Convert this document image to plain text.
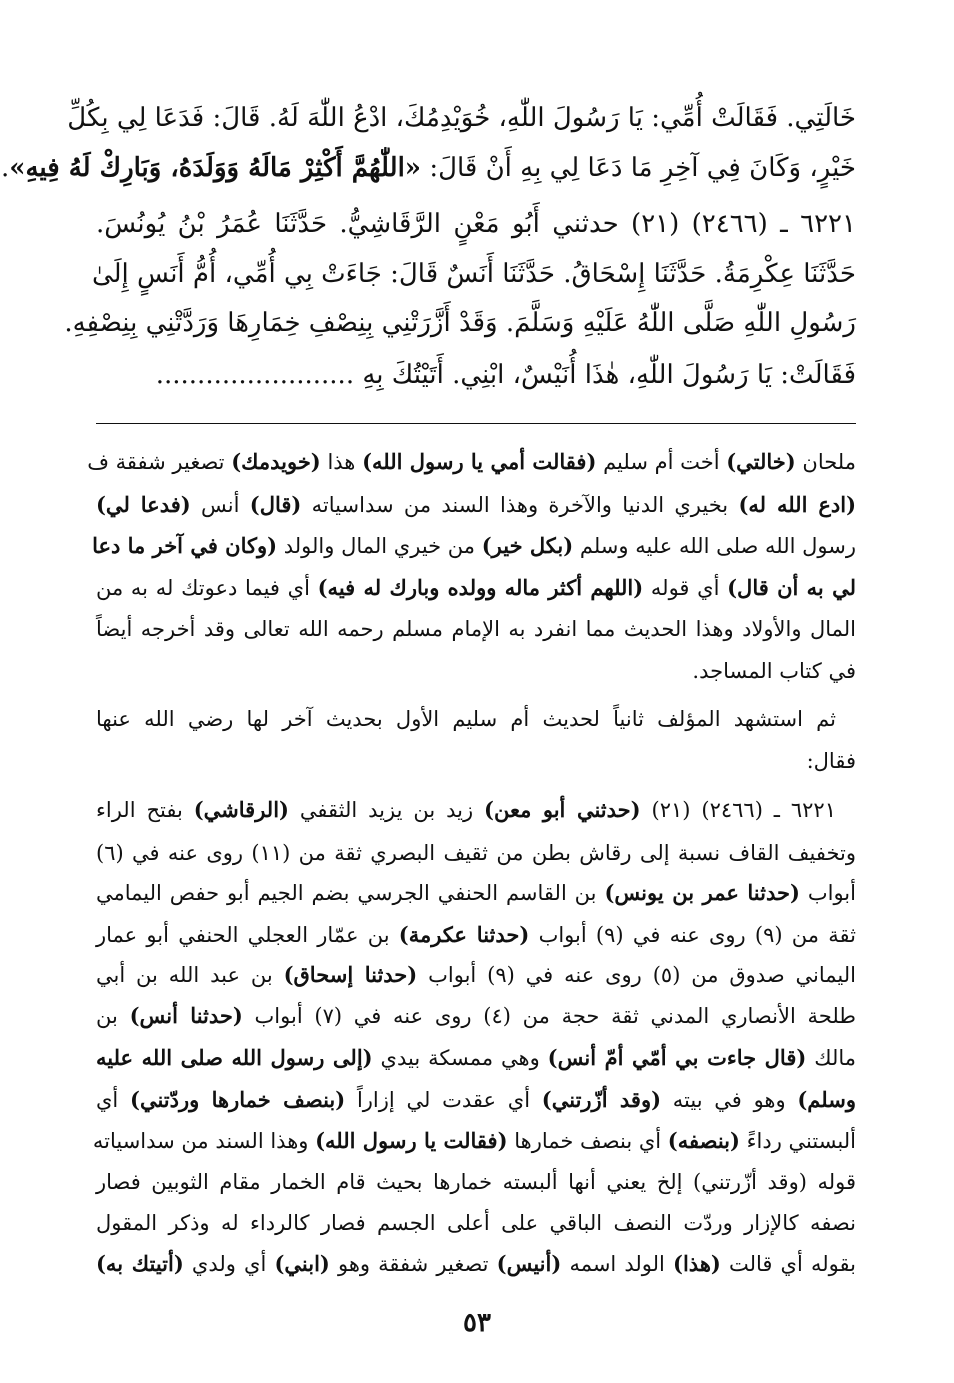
خَالَتِي. فَقَالَتْ أُمِّي: يَا رَسُولَ اللّٰهِ، خُوَيْدِمُكَ، ادْعُ اللّٰهَ لَهُ. قَالَ: فَدَعَا لِي بِكُلِّ
خَيْرٍ، وَكَانَ فِي آخِرِ مَا دَعَا لِي بِهِ أَنْ قَالَ: «اللّٰهُمَّ أَكْثِرْ مَالَهُ وَوَلَدَهُ، وَبَارِكْ لَهُ فِيهِ».
٦٢٢١ ـ (٢٤٦٦) (٢١) حدثني أَبُو مَعْنٍ الرَّقَاشِيُّ. حَدَّثَنَا عُمَرُ بْنُ يُونُسَ.
حَدَّثَنَا عِكْرِمَةُ. حَدَّثَنَا إِسْحَاقُ. حَدَّثَنَا أَنَسٌ قَالَ: جَاءَتْ بِي أُمِّي، أُمُّ أَنَسٍ إِلَىٰ
رَسُولِ اللّٰهِ صَلَّى اللّٰهُ عَلَيْهِ وَسَلَّمَ. وَقَدْ أَزَّرَتْنِي بِنِصْفِ خِمَارِهَا وَرَدَّتْنِي بِنِصْفِهِ.
فَقَالَتْ: يَا رَسُولَ اللّٰهِ، هٰذَا أُنَيْسٌ، ابْنِي. أَتَيْتُكَ بِهِ ........................
ملحان (خالتي) أخت أم سليم (فقالت أمي يا رسول الله) هذا (خويدمك) تصغير شفقة ف
(ادع الله له) بخيري الدنيا والآخرة وهذا السند من سداسياته (قال) أنس (فدعا لي)
رسول الله صلى الله عليه وسلم (بكل خير) من خيري المال والولد (وكان في آخر ما دعا
لي به أن قال) أي قوله (اللهم أكثر ماله وولده وبارك له فيه) أي فيما دعوتك له به من
المال والأولاد وهذا الحديث مما انفرد به الإمام مسلم رحمه الله تعالى وقد أخرجه أيضاً
في كتاب المساجد.
ثم استشهد المؤلف ثانياً لحديث أم سليم الأول بحديث آخر لها رضي الله عنها
فقال:
٦٢٢١ ـ (٢٤٦٦) (٢١) (حدثني أبو معن) زيد بن يزيد الثقفي (الرقاشي) بفتح الراء
وتخفيف القاف نسبة إلى رقاش بطن من ثقيف البصري ثقة من (١١) روى عنه في (٦)
أبواب (حدثنا عمر بن يونس) بن القاسم الحنفي الجرسي بضم الجيم أبو حفص اليمامي
ثقة من (٩) روى عنه في (٩) أبواب (حدثنا عكرمة) بن عمّار العجلي الحنفي أبو عمار
اليماني صدوق من (٥) روى عنه في (٩) أبواب (حدثنا إسحاق) بن عبد الله بن أبي
طلحة الأنصاري المدني ثقة حجة من (٤) روى عنه في (٧) أبواب (حدثنا أنس) بن
مالك (قال جاءت بي أمّي أمّ أنس) وهي ممسكة بيدي (إلى رسول الله صلى الله عليه
وسلم) وهو في بيته (وقد أزّرتني) أي عقدت لي إزاراً (بنصف خمارها وردّتني) أي
ألبستني رداءً (بنصفه) أي بنصف خمارها (فقالت يا رسول الله) وهذا السند من سداسياته
قوله (وقد أزّرتني) إلخ يعني أنها ألبسته خمارها بحيث قام الخمار مقام الثوبين فصار
نصفه كالإزار وردّت النصف الباقي على أعلى الجسم فصار كالرداء له وذكر المقول
بقوله أي قالت (هذا) الولد اسمه (أنيس) تصغير شفقة وهو (ابني) أي ولدي (أتيتك به)
٥٣
